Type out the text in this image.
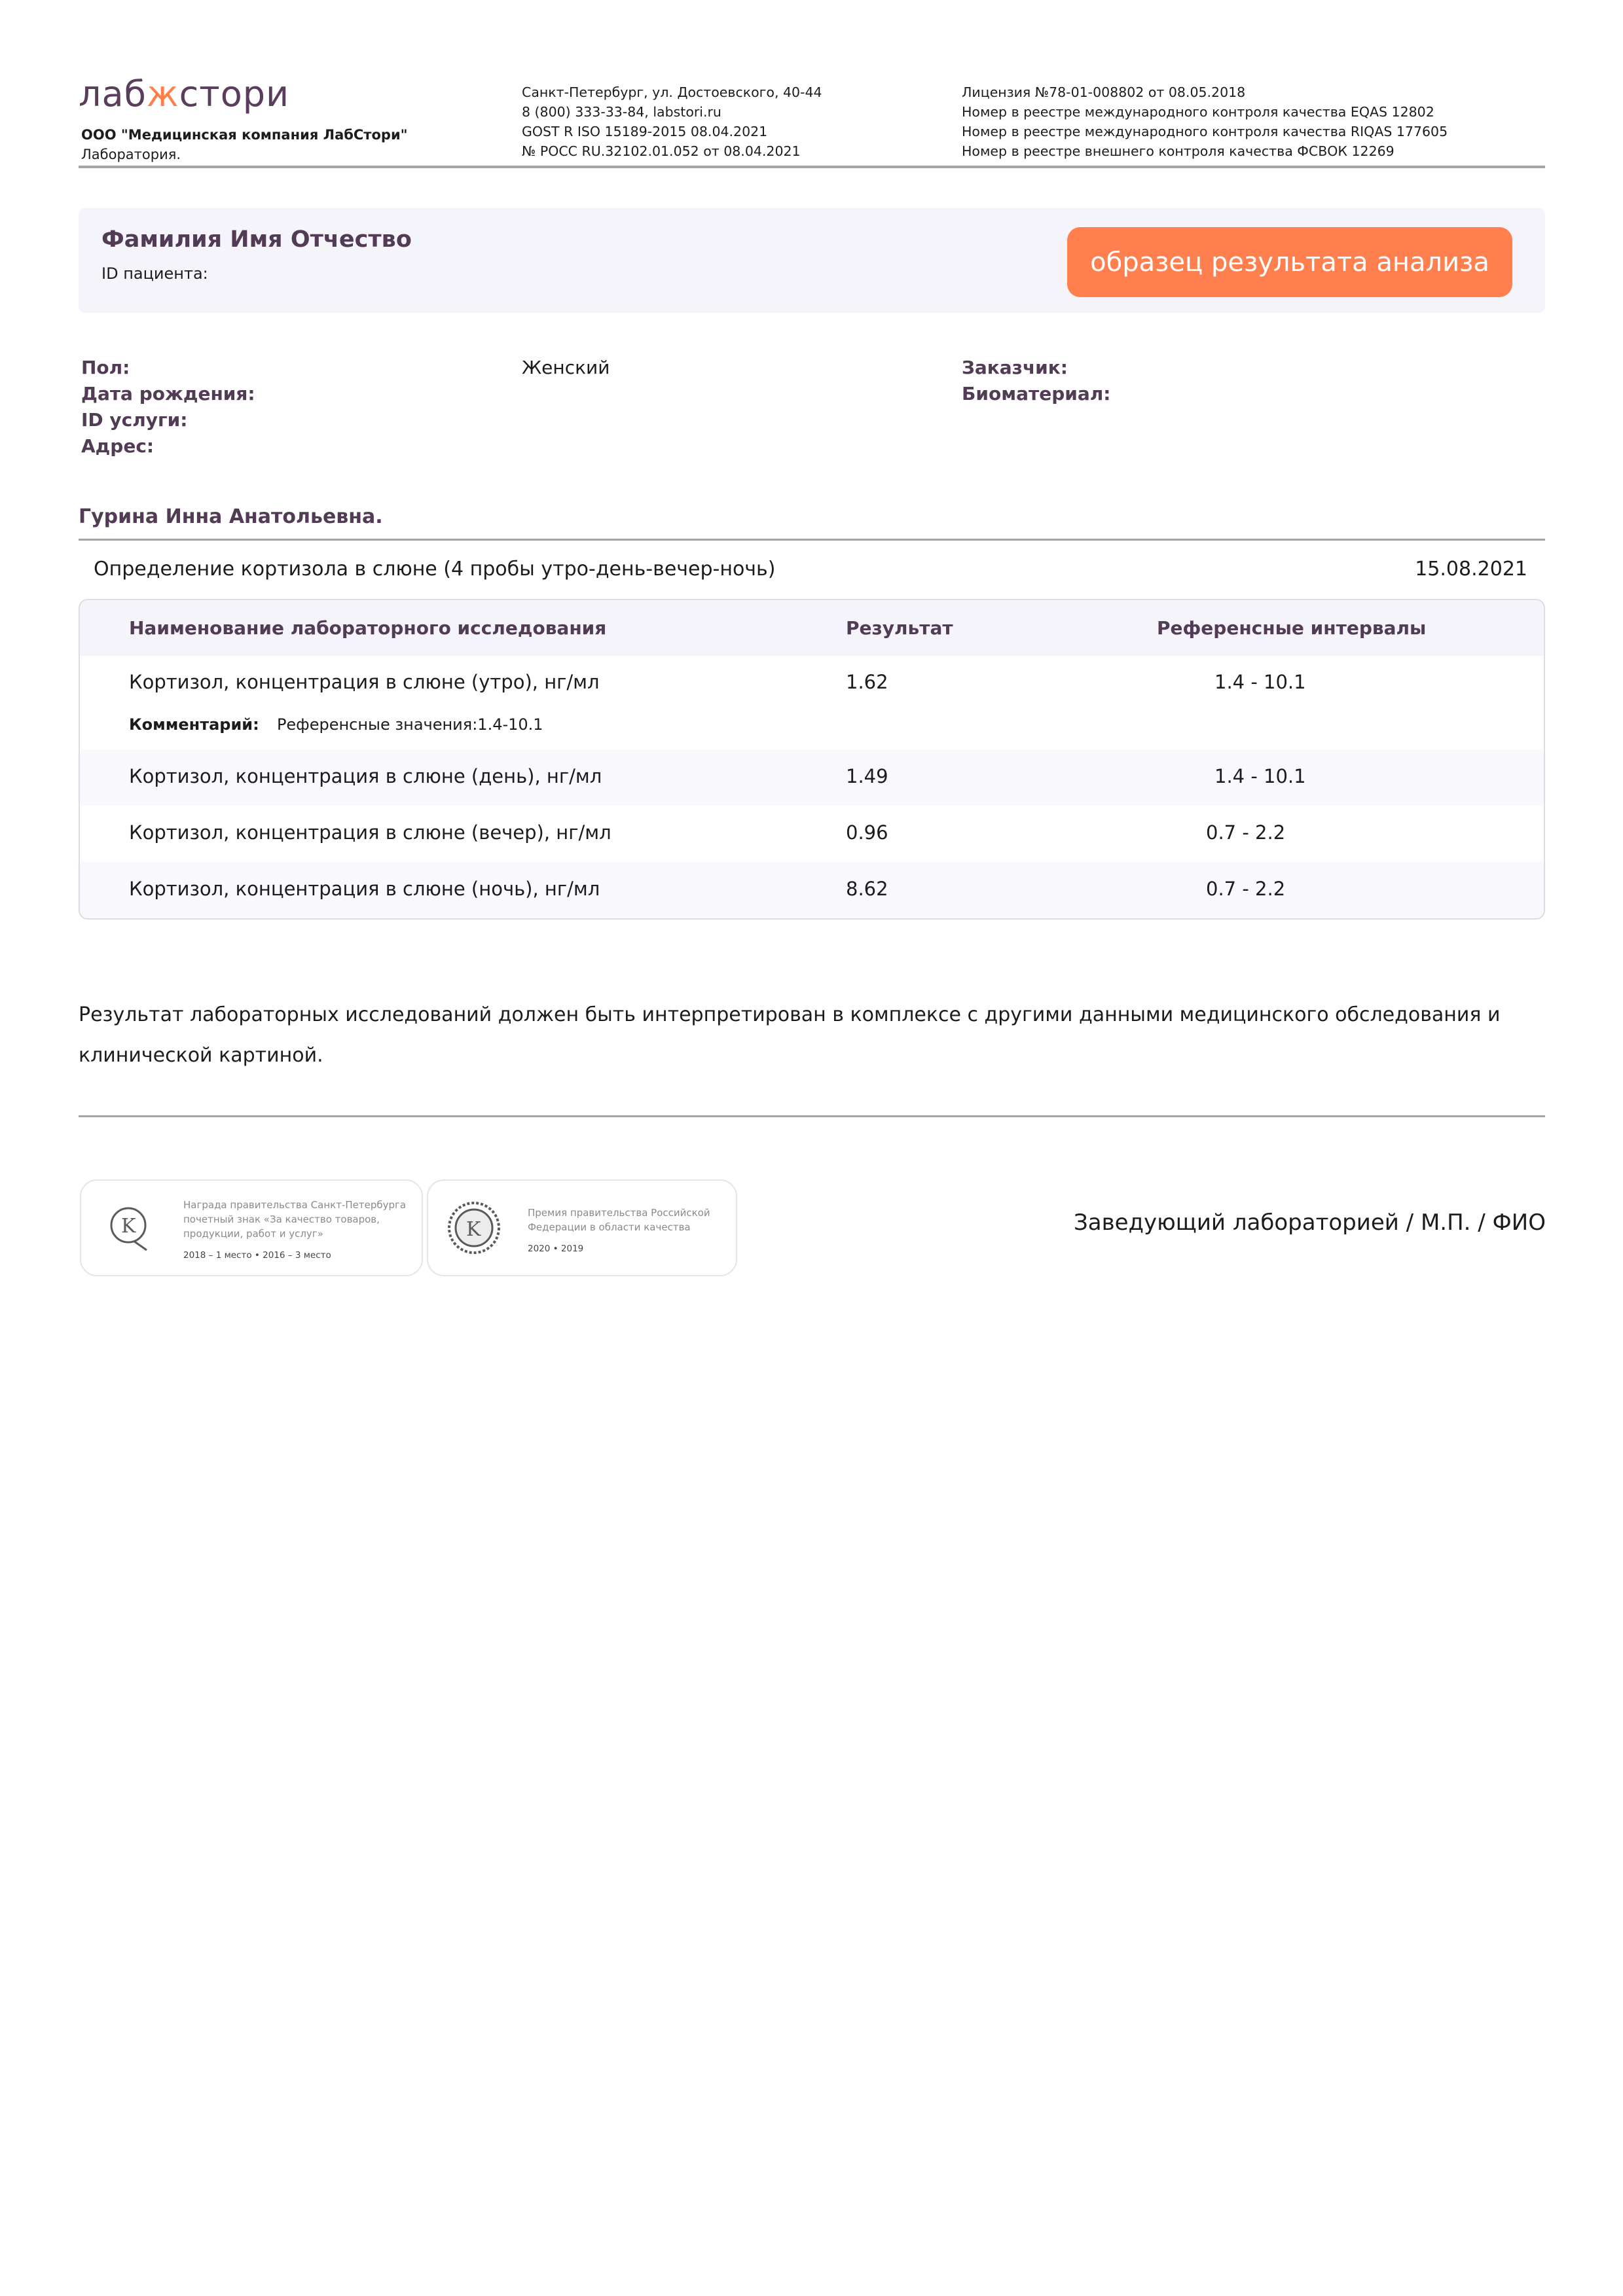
лабжстори
ООО "Медицинская компания ЛабСтори"
Лаборатория.
Санкт-Петербург, ул. Достоевского, 40-44
8 (800) 333-33-84, labstori.ru
GOST R ISO 15189-2015 08.04.2021
№ РОСС RU.32102.01.052 от 08.04.2021
Лицензия №78-01-008802 от 08.05.2018
Номер в реестре международного контроля качества EQAS 12802
Номер в реестре международного контроля качества RIQAS 177605
Номер в реестре внешнего контроля качества ФСВОК 12269
Фамилия Имя Отчество
ID пациента:	образец результата анализа
Пол:	Женский	Заказчик:
Дата рождения:	Биоматериал:
ID услуги:
Адрес:
Гурина Инна Анатольевна.
Определение кортизола в слюне (4 пробы утро-день-вечер-ночь)	15.08.2021
Наименование лабораторного исследования	Результат	Референсные интервалы
Кортизол, концентрация в слюне (утро), нг/мл	1.62	1.4 - 10.1
Комментарий: Референсные значения:1.4-10.1
Кортизол, концентрация в слюне (день), нг/мл	1.49	1.4 - 10.1
Кортизол, концентрация в слюне (вечер), нг/мл	0.96	0.7 - 2.2
Кортизол, концентрация в слюне (ночь), нг/мл	8.62	0.7 - 2.2
Результат лабораторных исследований должен быть интерпретирован в комплексе с другими данными медицинского обследования и клинической картиной.
K
Награда правительства Санкт-Петербурга
почетный знак «За качество товаров,
продукции, работ и услуг»
2018 – 1 место • 2016 – 3 место
K
Премия правительства Российской
Федерации в области качества
2020 • 2019
Заведующий лабораторией / М.П. / ФИО
